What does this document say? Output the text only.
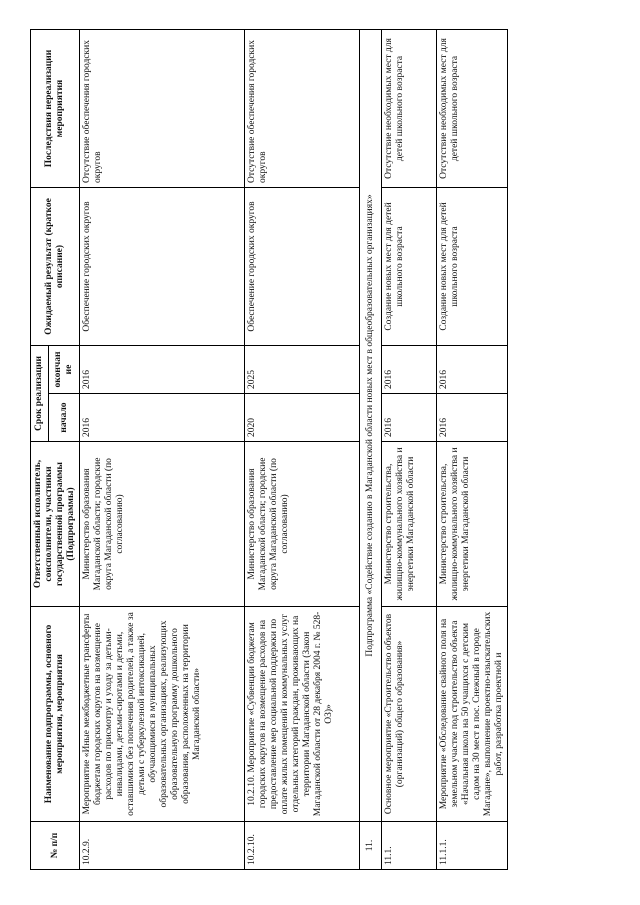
№ п/п	Наименование подпрограммы, основного мероприятия, мероприятия	Ответственный исполнитель, соисполнители, участники государственной программы (Подпрограммы)	Срок реализации		Ожидаемый результат (краткое описание)	Последствия нереализации мероприятия
			начало	окончан ие		
10.2.9.	Мероприятие «Иные межбюджетные трансферты бюджетам городских округов на возмещение расходов по присмотру и уходу за детьми-инвалидами, детьми-сиротами и детьми, оставшимися без попечения родителей, а также за детьми с туберкулезной интоксикацией, обучающимися в муниципальных образовательных организациях, реализующих образовательную программу дошкольного образования, расположенных на территории Магаданской области»	Министерство образования Магаданской области; городские округа Магаданской области (по согласованию)	2016	2016	Обеспечение городских округов	Отсутствие обеспечения городских округов
10.2.10.	10.2.10. Мероприятие «Субвенции бюджетам городских округов на возмещение расходов на предоставление мер социальной поддержки по оплате жилых помещений и коммунальных услуг отдельных категорий граждан, проживающих на территории Магаданской области (Закон Магаданской области от 28 декабря 2004 г. № 528-ОЗ)»	Министерство образования Магаданской области; городские округа Магаданской области (по согласованию)	2020	2025	Обеспечение городских округов	Отсутствие обеспечения городских округов
11.	Подпрограмма «Содействие созданию в Магаданской области новых мест в общеобразовательных организациях»					
11.1.	Основное мероприятие «Строительство объектов (организаций) общего образования»	Министерство строительства, жилищно-коммунального хозяйства и энергетики Магаданской области	2016	2016	Создание новых мест для детей школьного возраста	Отсутствие необходимых мест для детей школьного возраста
11.1.1.	Мероприятие «Обследование свайного поля на земельном участке под строительство объекта «Начальная школа на 50 учащихся с детским садом на 30 мест в пос. Снежный в городе Магадане», выполнение проектно-изыскательских работ, разработка проектной и	Министерство строительства, жилищно-коммунального хозяйства и энергетики Магаданской области	2016	2016	Создание новых мест для детей школьного возраста	Отсутствие необходимых мест для детей школьного возраста
